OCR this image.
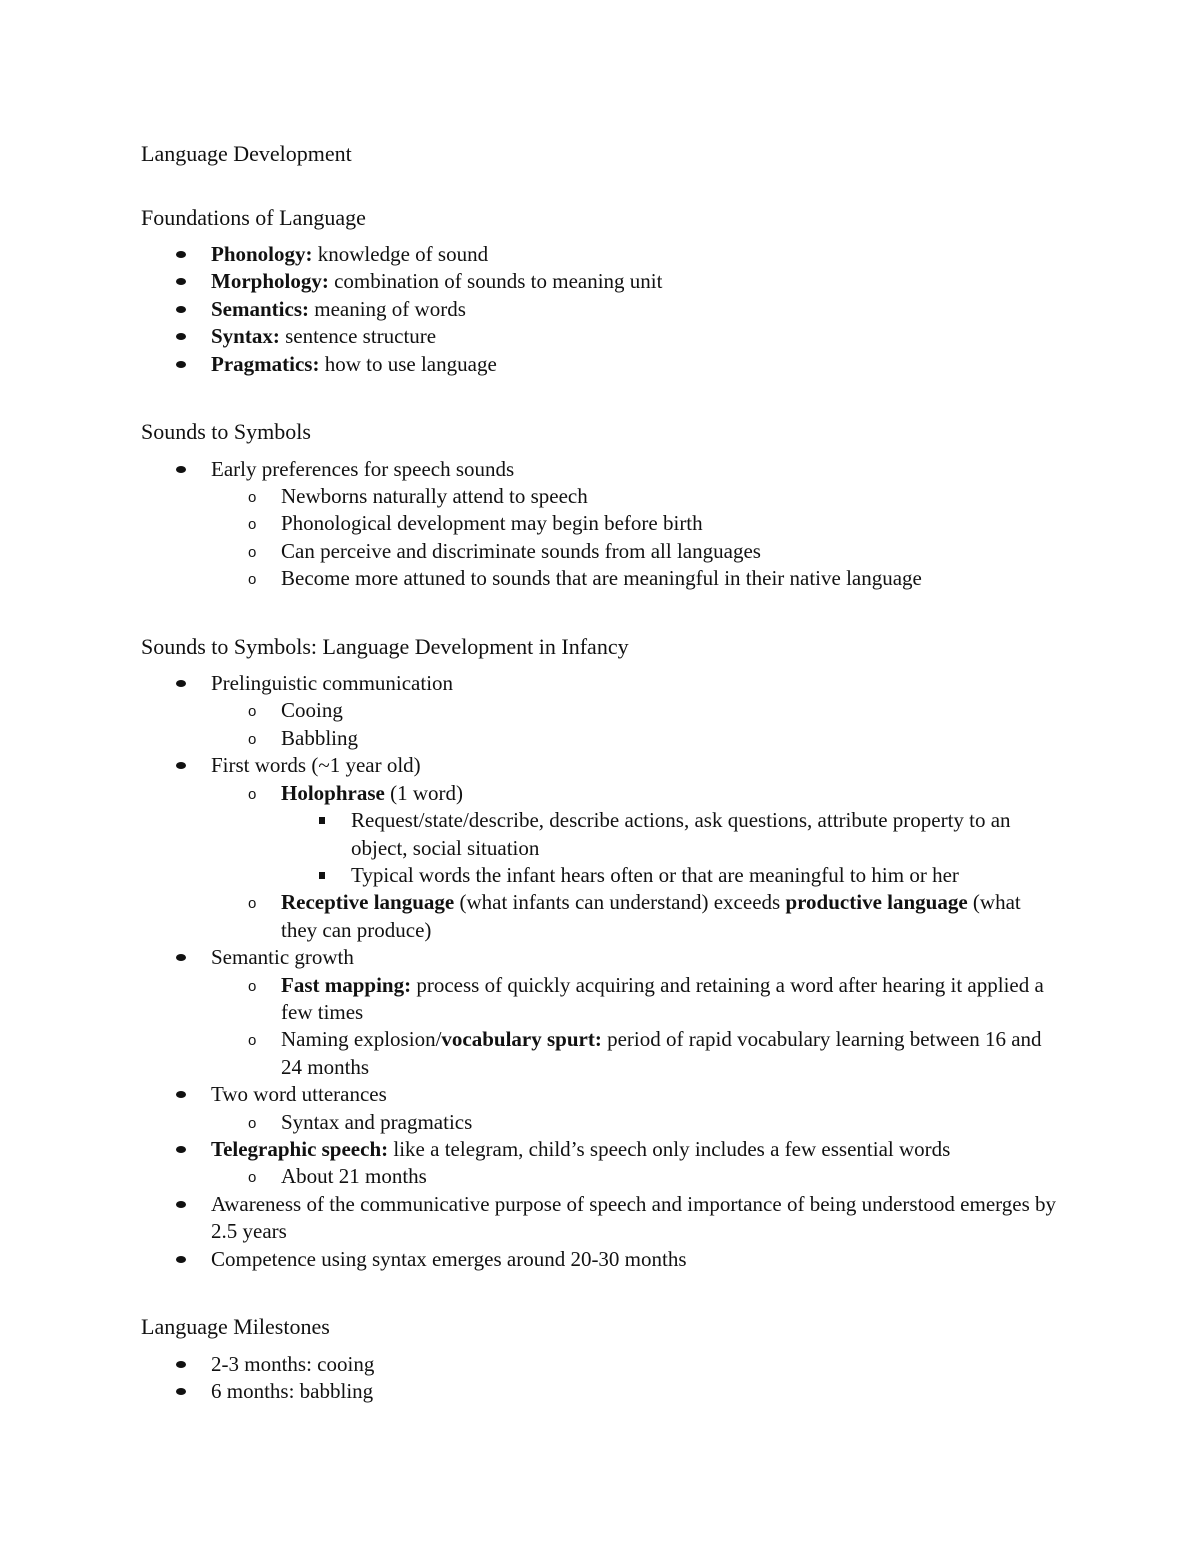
Language Development
Foundations of Language
Phonology: knowledge of sound
Morphology: combination of sounds to meaning unit
Semantics: meaning of words
Syntax: sentence structure
Pragmatics: how to use language
Sounds to Symbols
Early preferences for speech sounds
o Newborns naturally attend to speech
o Phonological development may begin before birth
o Can perceive and discriminate sounds from all languages
o Become more attuned to sounds that are meaningful in their native language
Sounds to Symbols: Language Development in Infancy
Prelinguistic communication
o Cooing
o Babbling
First words (~1 year old)
o Holophrase (1 word)
Request/state/describe, describe actions, ask questions, attribute property to an object, social situation
Typical words the infant hears often or that are meaningful to him or her
o Receptive language (what infants can understand) exceeds productive language (what they can produce)
Semantic growth
o Fast mapping: process of quickly acquiring and retaining a word after hearing it applied a few times
o Naming explosion/vocabulary spurt: period of rapid vocabulary learning between 16 and 24 months
Two word utterances
o Syntax and pragmatics
Telegraphic speech: like a telegram, child’s speech only includes a few essential words
o About 21 months
Awareness of the communicative purpose of speech and importance of being understood emerges by 2.5 years
Competence using syntax emerges around 20-30 months
Language Milestones
2-3 months: cooing
6 months: babbling
